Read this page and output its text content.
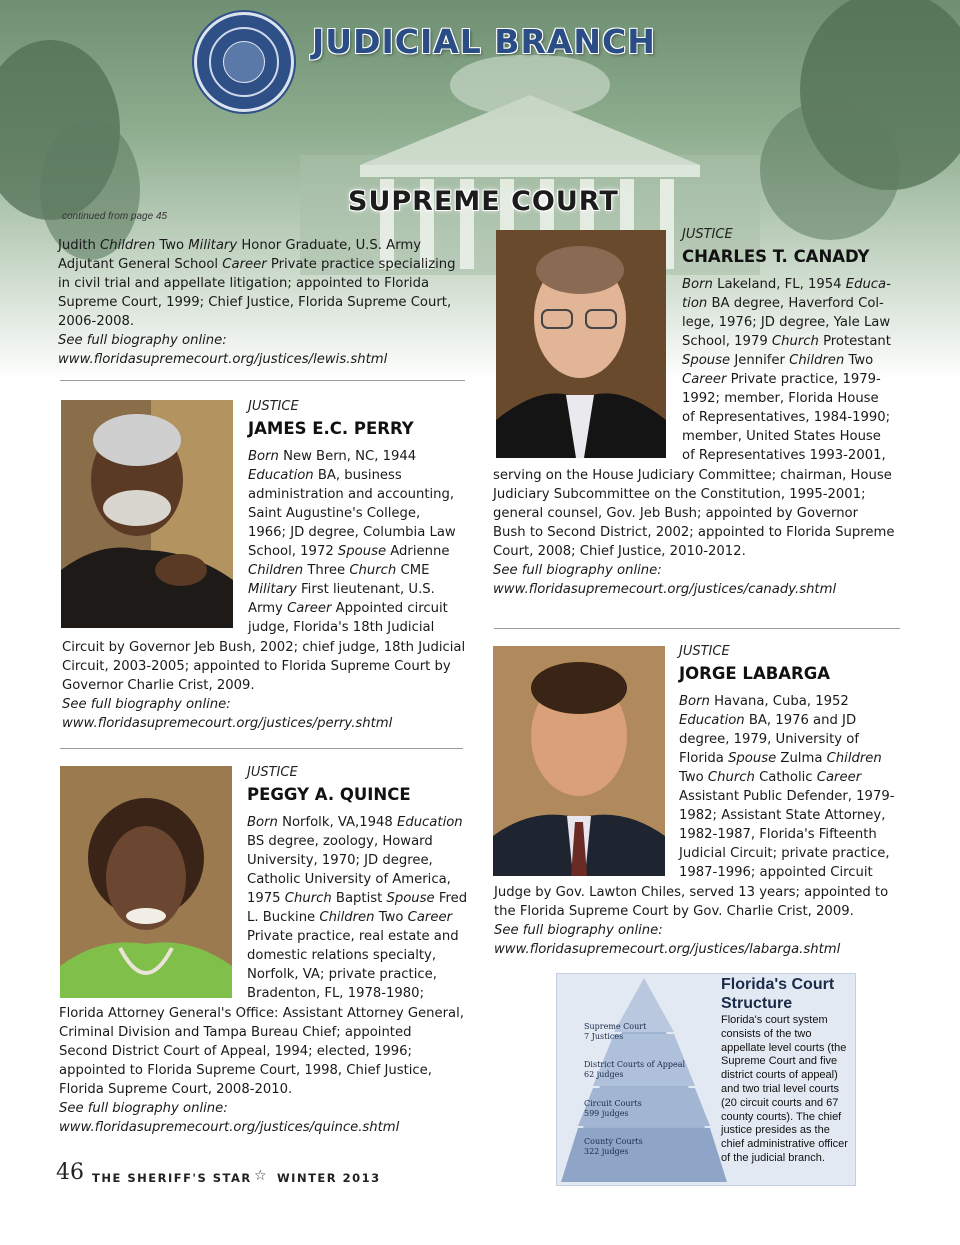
JUDICIAL BRANCH
SUPREME COURT
continued from page 45
Judith Children Two Military Honor Graduate, U.S. Army
Adjutant General School Career Private practice specializing
in civil trial and appellate litigation; appointed to Florida
Supreme Court, 1999; Chief Justice, Florida Supreme Court,
2006-2008.
See full biography online:
www.floridasupremecourt.org/justices/lewis.shtml
JUSTICE
JAMES E.C. PERRY
Born New Bern, NC, 1944
Education BA, business
administration and accounting,
Saint Augustine's College,
1966; JD degree, Columbia Law
School, 1972 Spouse Adrienne
Children Three Church CME
Military First lieutenant, U.S.
Army Career Appointed circuit
judge, Florida's 18th Judicial
Circuit by Governor Jeb Bush, 2002; chief judge, 18th Judicial
Circuit, 2003-2005; appointed to Florida Supreme Court by
Governor Charlie Crist, 2009.
See full biography online:
www.floridasupremecourt.org/justices/perry.shtml
JUSTICE
PEGGY A. QUINCE
Born Norfolk, VA,1948 Education
BS degree, zoology, Howard
University, 1970; JD degree,
Catholic University of America,
1975 Church Baptist Spouse Fred
L. Buckine Children Two Career
Private practice, real estate and
domestic relations specialty,
Norfolk, VA; private practice,
Bradenton, FL, 1978-1980;
Florida Attorney General's Office: Assistant Attorney General,
Criminal Division and Tampa Bureau Chief; appointed
Second District Court of Appeal, 1994; elected, 1996;
appointed to Florida Supreme Court, 1998, Chief Justice,
Florida Supreme Court, 2008-2010.
See full biography online:
www.floridasupremecourt.org/justices/quince.shtml
JUSTICE
CHARLES T. CANADY
Born Lakeland, FL, 1954 Educa-
tion BA degree, Haverford Col-
lege, 1976; JD degree, Yale Law
School, 1979 Church Protestant
Spouse Jennifer Children Two
Career Private practice, 1979-
1992; member, Florida House
of Representatives, 1984-1990;
member, United States House
of Representatives 1993-2001,
serving on the House Judiciary Committee; chairman, House
Judiciary Subcommittee on the Constitution, 1995-2001;
general counsel, Gov. Jeb Bush; appointed by Governor
Bush to Second District, 2002; appointed to Florida Supreme
Court, 2008; Chief Justice, 2010-2012.
See full biography online:
www.floridasupremecourt.org/justices/canady.shtml
JUSTICE
JORGE LABARGA
Born Havana, Cuba, 1952
Education BA, 1976 and JD
degree, 1979, University of
Florida Spouse Zulma Children
Two Church Catholic Career
Assistant Public Defender, 1979-
1982; Assistant State Attorney,
1982-1987, Florida's Fifteenth
Judicial Circuit; private practice,
1987-1996; appointed Circuit
Judge by Gov. Lawton Chiles, served 13 years; appointed to
the Florida Supreme Court by Gov. Charlie Crist, 2009.
See full biography online:
www.floridasupremecourt.org/justices/labarga.shtml
Supreme Court
7 Justices
District Courts of Appeal
62 judges
Circuit Courts
599 judges
County Courts
322 judges
Florida's Court Structure
Florida's court system consists of the two appellate level courts (the Supreme Court and five district courts of appeal) and two trial level courts (20 circuit courts and 67 county courts). The chief justice presides as the chief administrative officer of the judicial branch.
46 THE SHERIFF'S STAR ☆ WINTER 2013
